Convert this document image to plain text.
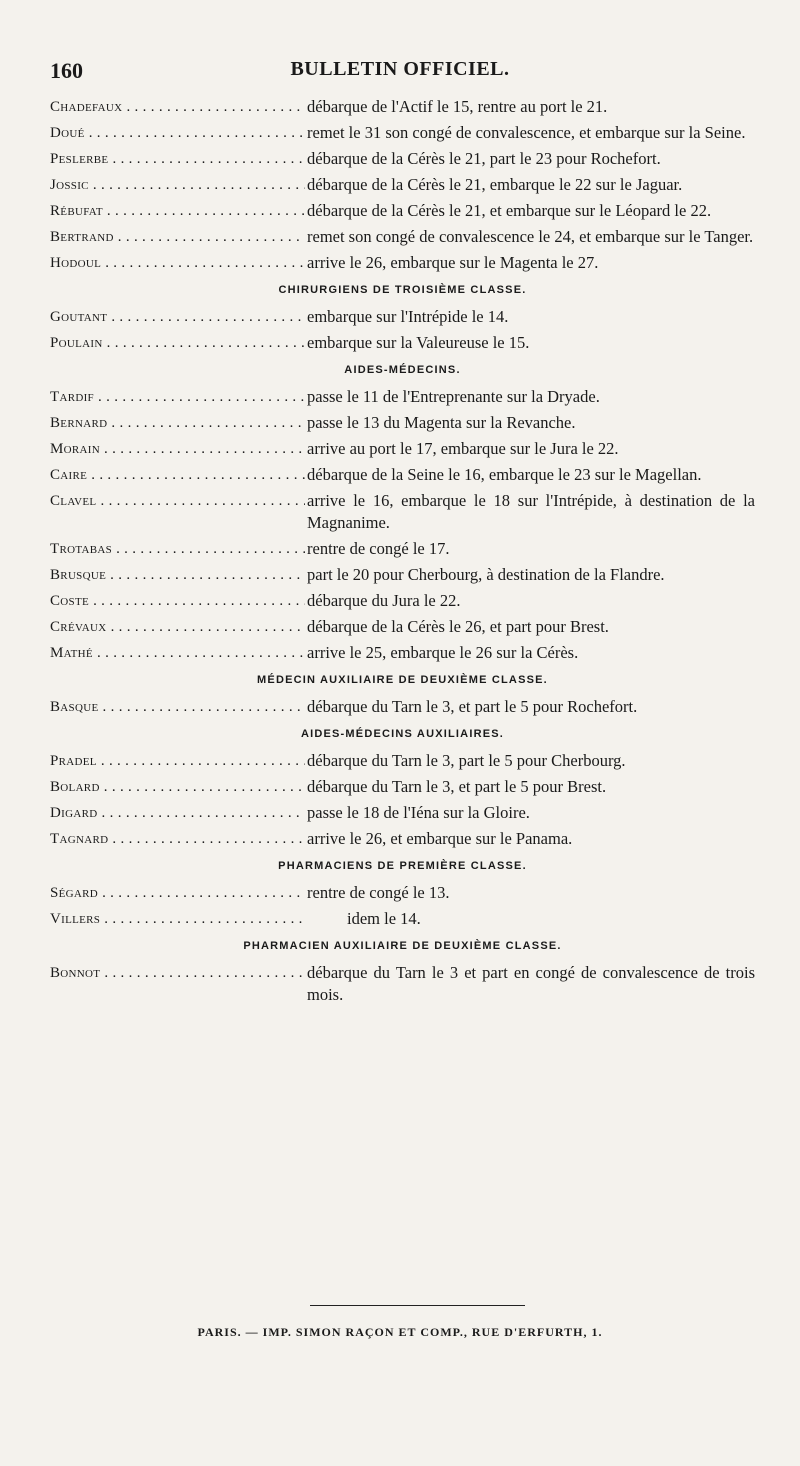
160	BULLETIN OFFICIEL.
Chadefaux . . .	débarque de l'Actif le 15, rentre au port le 21.
Doué . . .	remet le 31 son congé de convalescence, et embarque sur la Seine.
Peslerbe . . .	débarque de la Cérès le 21, part le 23 pour Rochefort.
Jossic . . .	débarque de la Cérès le 21, embarque le 22 sur le Jaguar.
Rébufat . . .	débarque de la Cérès le 21, et embarque sur le Léopard le 22.
Bertrand . . .	remet son congé de convalescence le 24, et embarque sur le Tanger.
Hodoul . . .	arrive le 26, embarque sur le Magenta le 27.
CHIRURGIENS DE TROISIÈME CLASSE.
Goutant . . .	embarque sur l'Intrépide le 14.
Poulain . . .	embarque sur la Valeureuse le 15.
AIDES-MÉDECINS.
Tardif . . .	passe le 11 de l'Entreprenante sur la Dryade.
Bernard . . .	passe le 13 du Magenta sur la Revanche.
Morain . . .	arrive au port le 17, embarque sur le Jura le 22.
Caire . . .	débarque de la Seine le 16, embarque le 23 sur le Magellan.
Clavel . . .	arrive le 16, embarque le 18 sur l'Intrépide, à destination de la Magnanime.
Trotabas . . .	rentre de congé le 17.
Brusque . . .	part le 20 pour Cherbourg, à destination de la Flandre.
Coste . . .	débarque du Jura le 22.
Crévaux . . .	débarque de la Cérès le 26, et part pour Brest.
Mathé . . .	arrive le 25, embarque le 26 sur la Cérès.
MÉDECIN AUXILIAIRE DE DEUXIÈME CLASSE.
Basque . . .	débarque du Tarn le 3, et part le 5 pour Rochefort.
AIDES-MÉDECINS AUXILIAIRES.
Pradel . . .	débarque du Tarn le 3, part le 5 pour Cherbourg.
Bolard . . .	débarque du Tarn le 3, et part le 5 pour Brest.
Digard . . .	passe le 18 de l'Iéna sur la Gloire.
Tagnard . . .	arrive le 26, et embarque sur le Panama.
PHARMACIENS DE PREMIÈRE CLASSE.
Ségard . . .	rentre de congé le 13.
Villers . . .	idem le 14.
PHARMACIEN AUXILIAIRE DE DEUXIÈME CLASSE.
Bonnot . . .	débarque du Tarn le 3 et part en congé de convalescence de trois mois.
PARIS. — IMP. SIMON RAÇON ET COMP., RUE D'ERFURTH, 1.
